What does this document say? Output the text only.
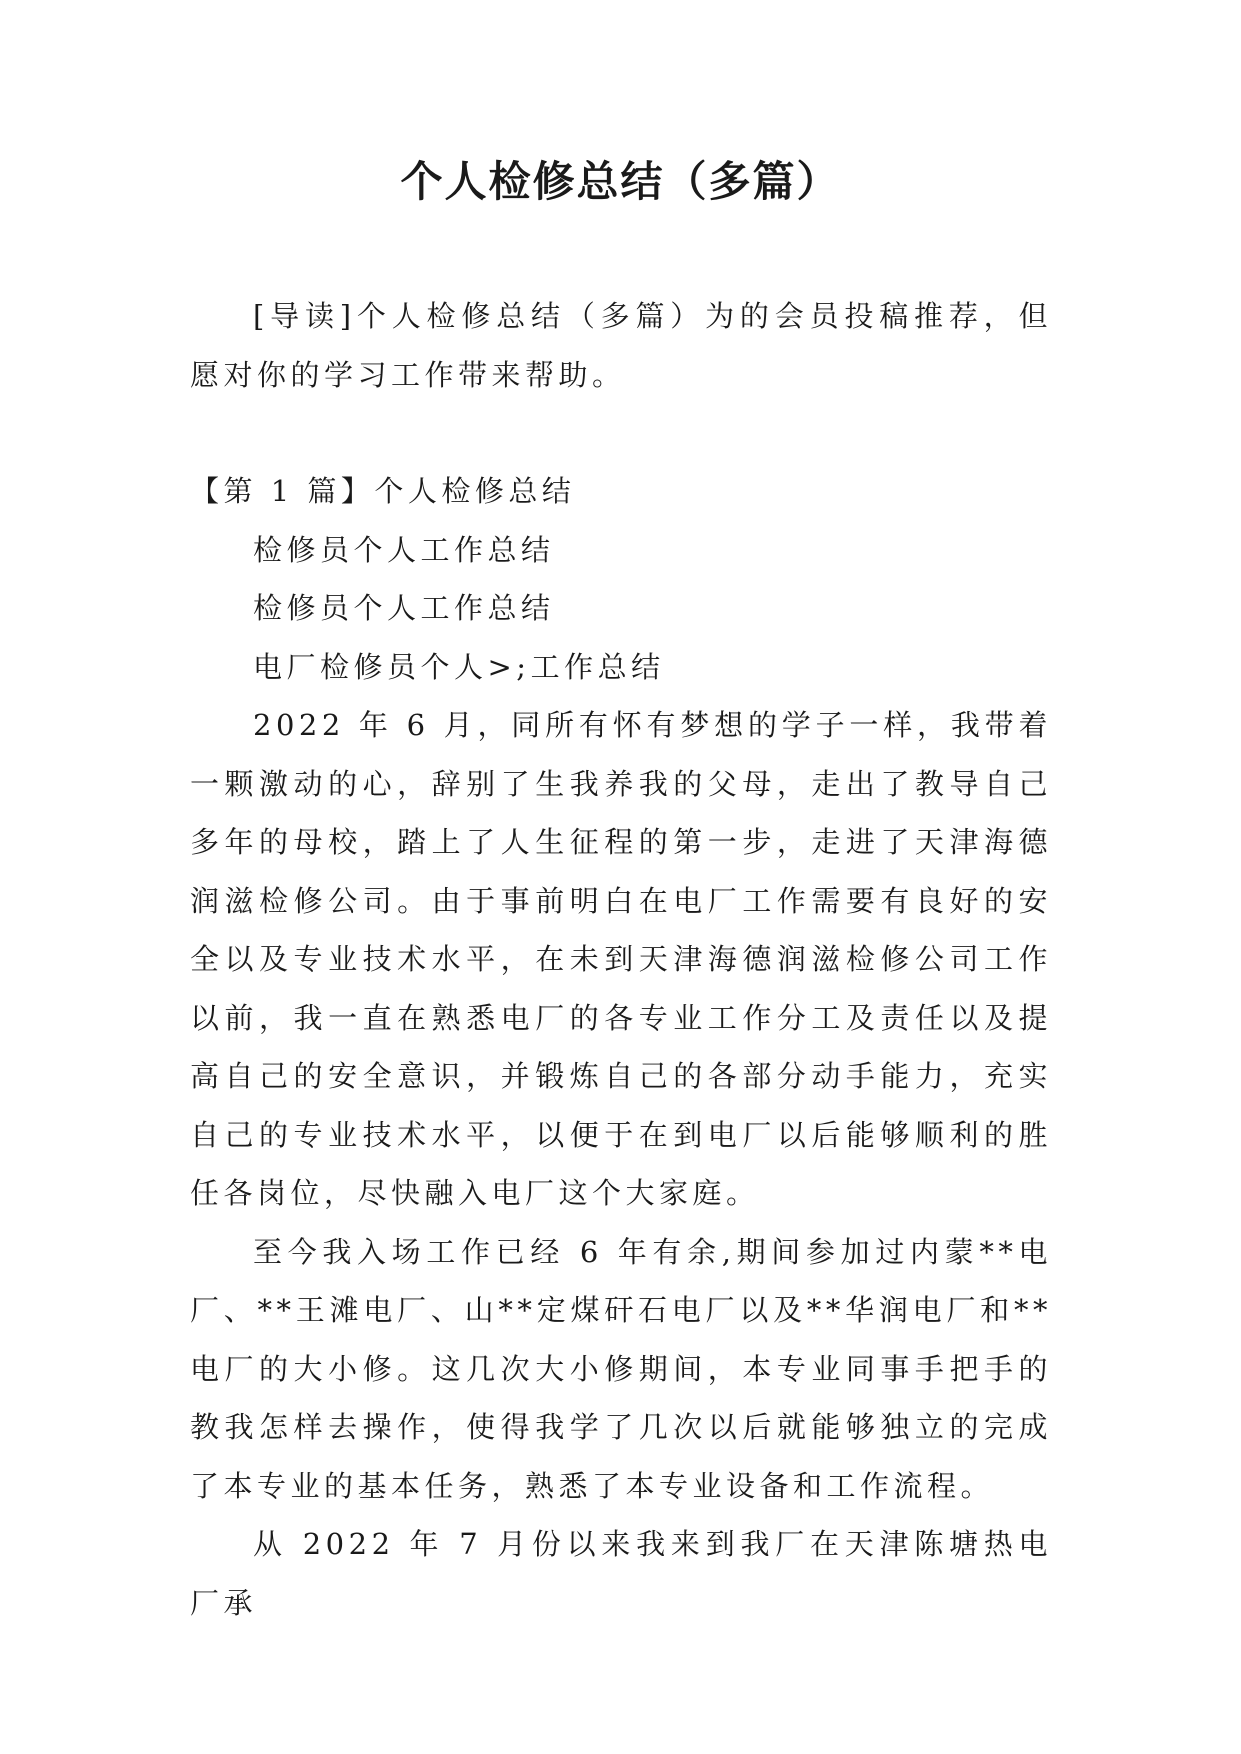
个人检修总结（多篇）

[导读]个人检修总结（多篇）为的会员投稿推荐，但愿对你的学习工作带来帮助。

【第 1 篇】个人检修总结

检修员个人工作总结

检修员个人工作总结

电厂检修员个人>;工作总结

2022 年 6 月，同所有怀有梦想的学子一样，我带着一颗激动的心，辞别了生我养我的父母，走出了教导自己多年的母校，踏上了人生征程的第一步，走进了天津海德润滋检修公司。由于事前明白在电厂工作需要有良好的安全以及专业技术水平，在未到天津海德润滋检修公司工作以前，我一直在熟悉电厂的各专业工作分工及责任以及提高自己的安全意识，并锻炼自己的各部分动手能力，充实自己的专业技术水平，以便于在到电厂以后能够顺利的胜任各岗位，尽快融入电厂这个大家庭。

至今我入场工作已经 6 年有余,期间参加过内蒙**电厂、**王滩电厂、山**定煤矸石电厂以及**华润电厂和**电厂的大小修。这几次大小修期间，本专业同事手把手的教我怎样去操作，使得我学了几次以后就能够独立的完成了本专业的基本任务，熟悉了本专业设备和工作流程。

从 2022 年 7 月份以来我来到我厂在天津陈塘热电厂承
